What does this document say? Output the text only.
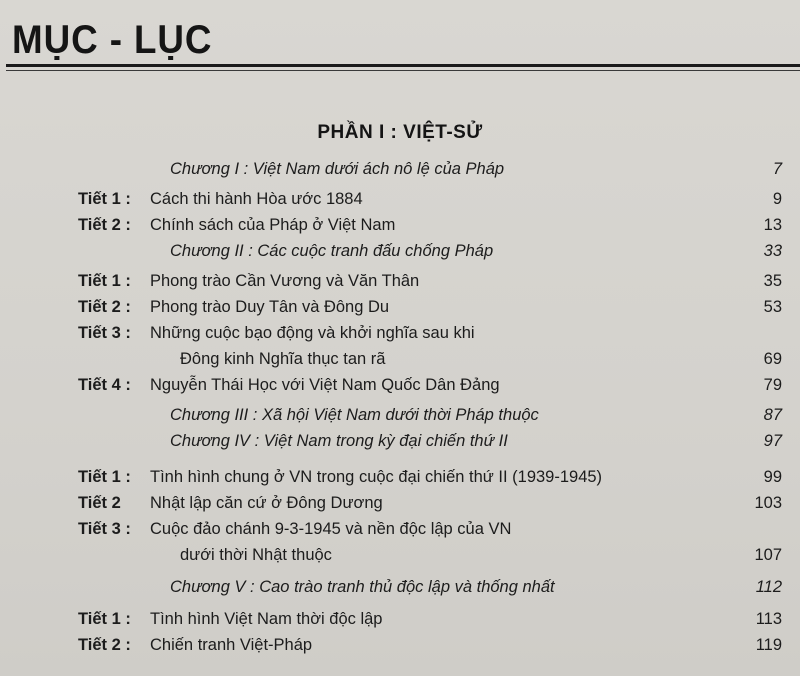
MỤC - LỤC
PHẦN I : VIỆT-SỬ
Chương I : Việt Nam dưới ách nô lệ của Pháp	7
Tiết 1 : Cách thi hành Hòa ước 1884	9
Tiết 2 : Chính sách của Pháp ở Việt Nam	13
Chương II : Các cuộc tranh đấu chống Pháp	33
Tiết 1 : Phong trào Cần Vương và Văn Thân	35
Tiết 2 : Phong trào Duy Tân và Đông Du	53
Tiết 3 : Những cuộc bạo động và khởi nghĩa sau khi
Đông kinh Nghĩa thục tan rã	69
Tiết 4 : Nguyễn Thái Học với Việt Nam Quốc Dân Đảng	79
Chương III : Xã hội Việt Nam dưới thời Pháp thuộc	87
Chương IV : Việt Nam trong kỳ đại chiến thứ II	97
Tiết 1 : Tình hình chung ở VN trong cuộc đại chiến thứ II (1939-1945)	99
Tiết 2 Nhật lập căn cứ ở Đông Dương	103
Tiết 3 : Cuộc đảo chánh 9-3-1945 và nền độc lập của VN
dưới thời Nhật thuộc	107
Chương V : Cao trào tranh thủ độc lập và thống nhất	112
Tiết 1 : Tình hình Việt Nam thời độc lập	113
Tiết 2 : Chiến tranh Việt-Pháp	119
